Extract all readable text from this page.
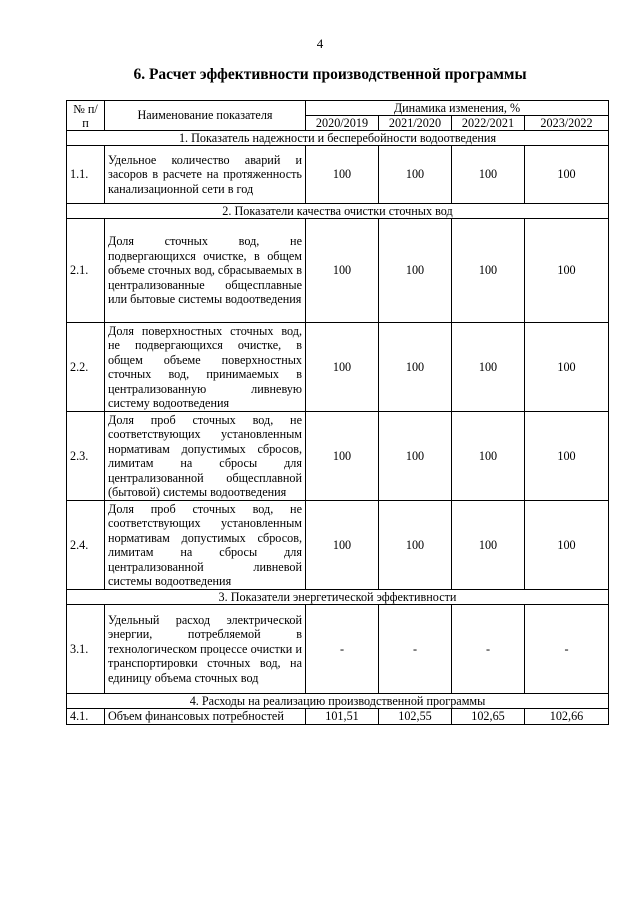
4
6. Расчет эффективности производственной программы
№ п/п	Наименование показателя	Динамика изменения, %			
		2020/2019	2021/2020	2022/2021	2023/2022
1. Показатель надежности и бесперебойности водоотведения					
1.1.	Удельное количество аварий и засоров в расчете на протяженность канализационной сети в год	100	100	100	100
2. Показатели качества очистки сточных вод					
2.1.	Доля сточных вод, не подвергающихся очистке, в общем объеме сточных вод, сбрасываемых в централизованные общесплавные или бытовые системы водоотведения	100	100	100	100
2.2.	Доля поверхностных сточных вод, не подвергающихся очистке, в общем объеме поверхностных сточных вод, принимаемых в централизованную ливневую систему водоотведения	100	100	100	100
2.3.	Доля проб сточных вод, не соответствующих установленным нормативам допустимых сбросов, лимитам на сбросы для централизованной общесплавной (бытовой) системы водоотведения	100	100	100	100
2.4.	Доля проб сточных вод, не соответствующих установленным нормативам допустимых сбросов, лимитам на сбросы для централизованной ливневой системы водоотведения	100	100	100	100
3. Показатели энергетической эффективности					
3.1.	Удельный расход электрической энергии, потребляемой в технологическом процессе очистки и транспортировки сточных вод, на единицу объема сточных вод	-	-	-	-
4. Расходы на реализацию производственной программы					
4.1.	Объем финансовых потребностей	101,51	102,55	102,65	102,66
